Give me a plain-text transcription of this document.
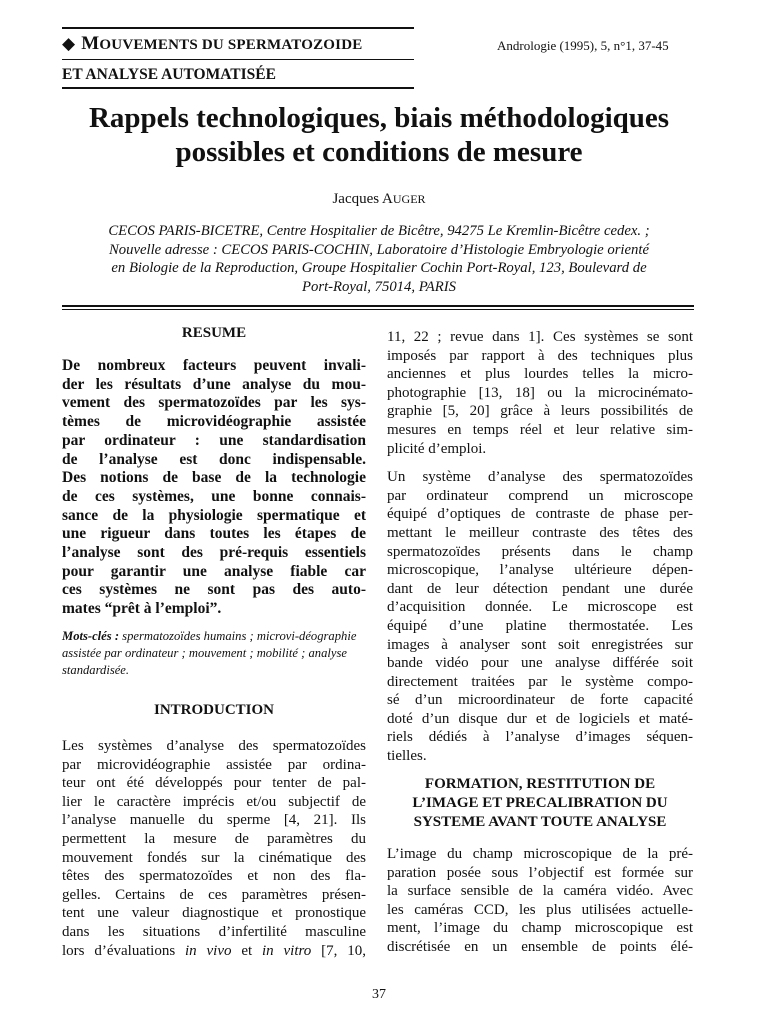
◆ MOUVEMENTS DU SPERMATOZOIDE
ET ANALYSE AUTOMATISÉE
Andrologie (1995), 5, n°1, 37-45
Rappels technologiques, biais méthodologiques
possibles et conditions de mesure
Jacques AUGER
CECOS PARIS-BICETRE, Centre Hospitalier de Bicêtre, 94275 Le Kremlin-Bicêtre cedex. ;
Nouvelle adresse : CECOS PARIS-COCHIN, Laboratoire d’Histologie Embryologie orienté
en Biologie de la Reproduction, Groupe Hospitalier Cochin Port-Royal, 123, Boulevard de
Port-Royal, 75014, PARIS
RESUME
De nombreux facteurs peuvent invali-
der les résultats d’une analyse du mou-
vement des spermatozoïdes par les sys-
tèmes de microvidéographie assistée
par ordinateur : une standardisation
de l’analyse est donc indispensable.
Des notions de base de la technologie
de ces systèmes, une bonne connais-
sance de la physiologie spermatique et
une rigueur dans toutes les étapes de
l’analyse sont des pré-requis essentiels
pour garantir une analyse fiable car
ces systèmes ne sont pas des auto-
mates “prêt à l’emploi”.
Mots-clés : spermatozoïdes humains ; microvi-déographie assistée par ordinateur ; mouvement ; mobilité ; analyse standardisée.
INTRODUCTION
Les systèmes d’analyse des spermatozoïdes
par microvidéographie assistée par ordina-
teur ont été développés pour tenter de pal-
lier le caractère imprécis et/ou subjectif de
l’analyse manuelle du sperme [4, 21]. Ils
permettent la mesure de paramètres du
mouvement fondés sur la cinématique des
têtes des spermatozoïdes et non des fla-
gelles. Certains de ces paramètres présen-
tent une valeur diagnostique et pronostique
dans les situations d’infertilité masculine
lors d’évaluations in vivo et in vitro [7, 10,
11, 22 ; revue dans 1]. Ces systèmes se sont
imposés par rapport à des techniques plus
anciennes et plus lourdes telles la micro-
photographie [13, 18] ou la microcinémato-
graphie [5, 20] grâce à leurs possibilités de
mesures en temps réel et leur relative sim-
plicité d’emploi.
Un système d’analyse des spermatozoïdes
par ordinateur comprend un microscope
équipé d’optiques de contraste de phase per-
mettant le meilleur contraste des têtes des
spermatozoïdes présents dans le champ
microscopique, l’analyse ultérieure dépen-
dant de leur détection pendant une durée
d’acquisition donnée. Le microscope est
équipé d’une platine thermostatée. Les
images à analyser sont soit enregistrées sur
bande vidéo pour une analyse différée soit
directement traitées par le système compo-
sé d’un microordinateur de forte capacité
doté d’un disque dur et de logiciels et maté-
riels dédiés à l’analyse d’images séquen-
tielles.
FORMATION, RESTITUTION DE
L’IMAGE ET PRECALIBRATION DU
SYSTEME AVANT TOUTE ANALYSE
L’image du champ microscopique de la pré-
paration posée sous l’objectif est formée sur
la surface sensible de la caméra vidéo. Avec
les caméras CCD, les plus utilisées actuelle-
ment, l’image du champ microscopique est
discrétisée en un ensemble de points élé-
37
